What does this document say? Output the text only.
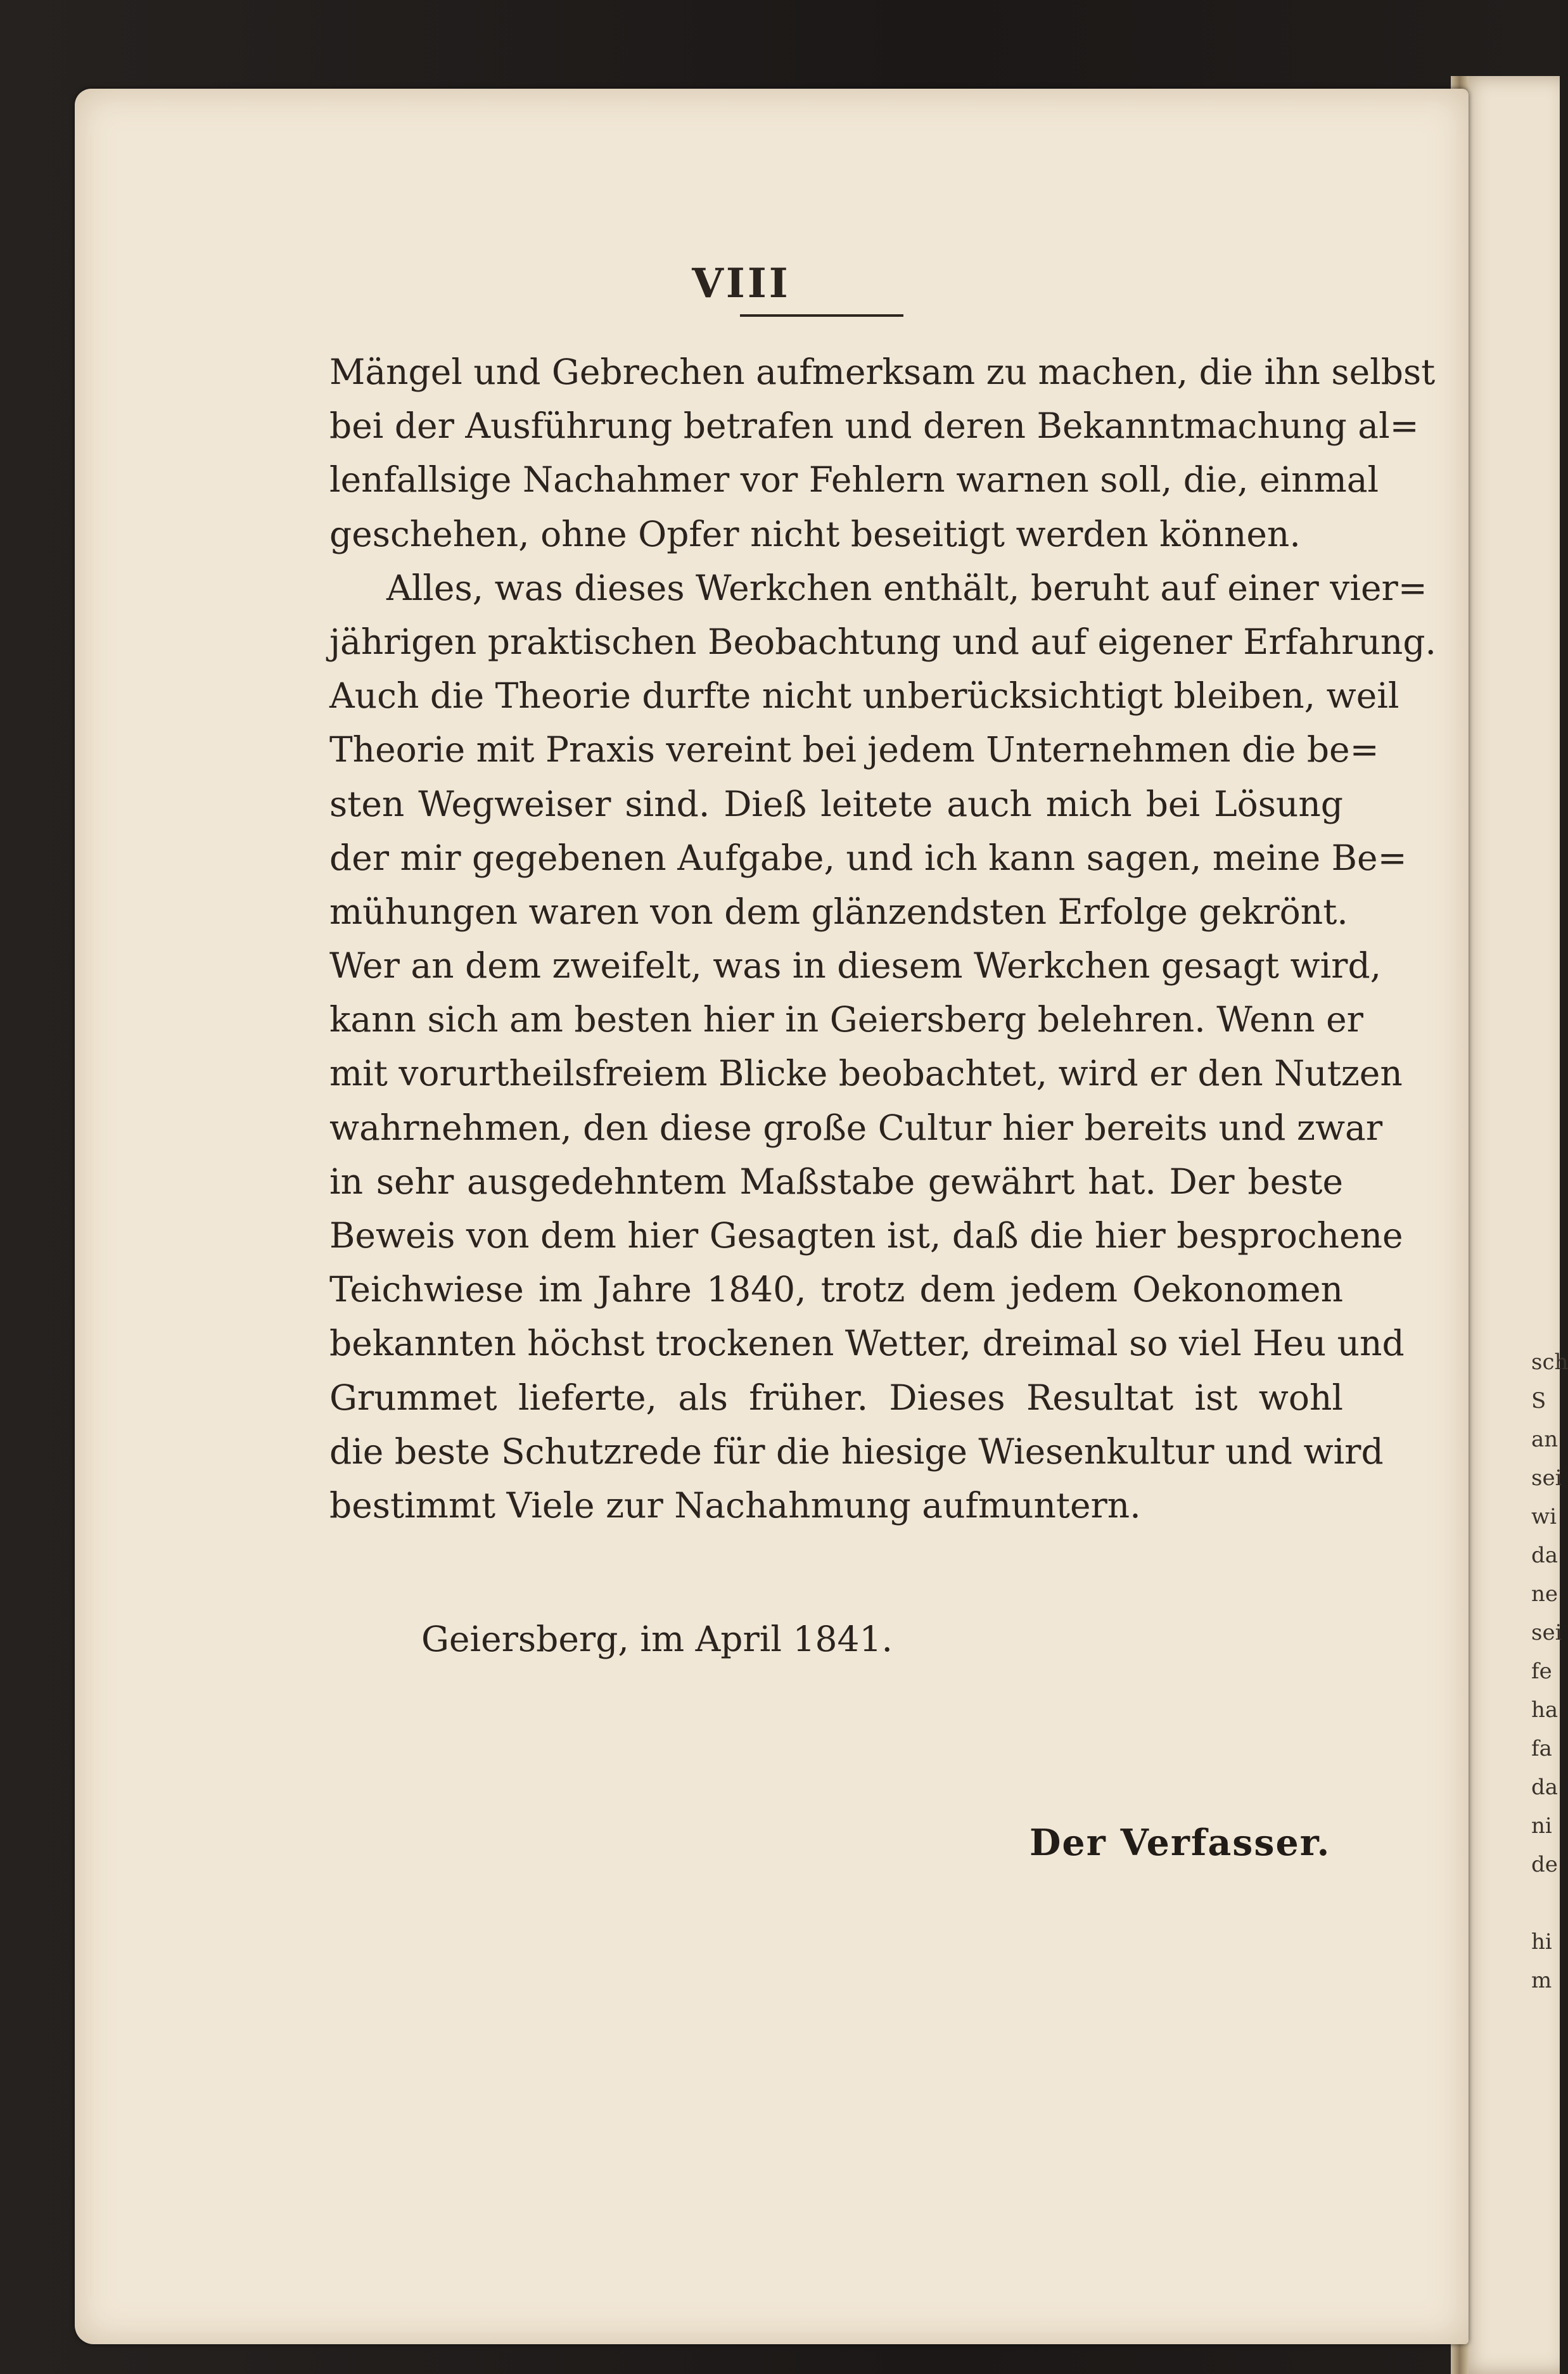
sch
S
an
sei
wi
da
ne
sei
fe
ha
fa
da
ni
de
hi
m
VIII
Mängel und Gebrechen aufmerksam zu machen, die ihn selbst
bei der Ausführung betrafen und deren Bekanntmachung al=
lenfallsige Nachahmer vor Fehlern warnen soll, die, einmal
geschehen, ohne Opfer nicht beseitigt werden können.
Alles, was dieses Werkchen enthält, beruht auf einer vier=
jährigen praktischen Beobachtung und auf eigener Erfahrung.
Auch die Theorie durfte nicht unberücksichtigt bleiben, weil
Theorie mit Praxis vereint bei jedem Unternehmen die be=
sten Wegweiser sind. Dieß leitete auch mich bei Lösung
der mir gegebenen Aufgabe, und ich kann sagen, meine Be=
mühungen waren von dem glänzendsten Erfolge gekrönt.
Wer an dem zweifelt, was in diesem Werkchen gesagt wird,
kann sich am besten hier in Geiersberg belehren. Wenn er
mit vorurtheilsfreiem Blicke beobachtet, wird er den Nutzen
wahrnehmen, den diese große Cultur hier bereits und zwar
in sehr ausgedehntem Maßstabe gewährt hat. Der beste
Beweis von dem hier Gesagten ist, daß die hier besprochene
Teichwiese im Jahre 1840, trotz dem jedem Oekonomen
bekannten höchst trockenen Wetter, dreimal so viel Heu und
Grummet lieferte, als früher. Dieses Resultat ist wohl
die beste Schutzrede für die hiesige Wiesenkultur und wird
bestimmt Viele zur Nachahmung aufmuntern.
Geiersberg, im April 1841.
Der Verfasser.
